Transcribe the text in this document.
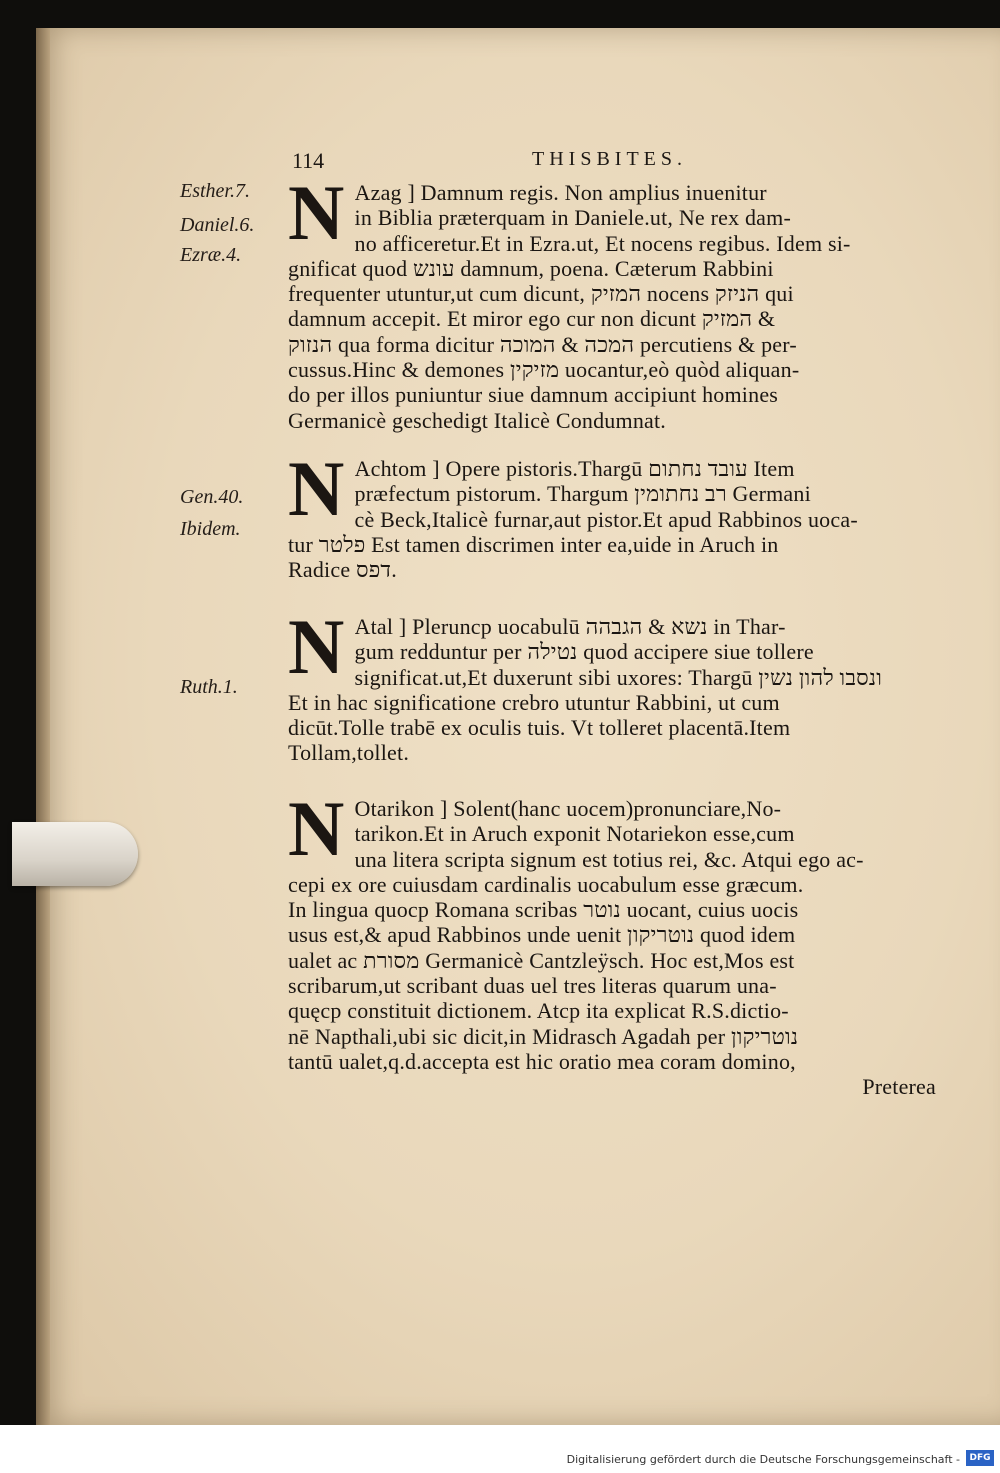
114	THISBITES.
Esther.7.
Daniel.6.
Ezræ.4.
Gen.40.
Ibidem.
Ruth.1.
N Azag ] Damnum regis. Non amplius inuenitur
in Biblia præterquam in Daniele.ut, Ne rex dam-
no afficeretur.Et in Ezra.ut, Et nocens regibus. Idem si-
gnificat quod עונש damnum, poena. Cæterum Rabbini
frequenter utuntur,ut cum dicunt, המזיק nocens הניזק qui
damnum accepit. Et miror ego cur non dicunt המזיק &
הנזוק qua forma dicitur המכה & המוכה percutiens & per-
cussus.Hinc & demones מזיקין uocantur,eò quòd aliquan-
do per illos puniuntur siue damnum accipiunt homines
Germanicè geschedigt Italicè Condumnat.
N Achtom ] Opere pistoris.Thargū עובד נחתום Item
præfectum pistorum. Thargum רב נחתומין Germani
cè Beck,Italicè furnar,aut pistor.Et apud Rabbinos uoca-
tur פלטר Est tamen discrimen inter ea,uide in Aruch in
Radice דפס.
N Atal ] Pleruncp uocabulū נשא & הגבהה in Thar-
gum redduntur per נטילה quod accipere siue tollere
significat.ut,Et duxerunt sibi uxores: Thargū ונסבו להון נשין
Et in hac significatione crebro utuntur Rabbini, ut cum
dicūt.Tolle trabē ex oculis tuis. Vt tolleret placentā.Item
Tollam,tollet.
N Otarikon ] Solent(hanc uocem)pronunciare,No-
tarikon.Et in Aruch exponit Notariekon esse,cum
una litera scripta signum est totius rei, &c. Atqui ego ac-
cepi ex ore cuiusdam cardinalis uocabulum esse græcum.
In lingua quocp Romana scribas נוטר uocant, cuius uocis
usus est,& apud Rabbinos unde uenit נוטריקון quod idem
ualet ac מסורת Germanicè Cantzleÿsch. Hoc est,Mos est
scribarum,ut scribant duas uel tres literas quarum una-
quęcp constituit dictionem. Atcp ita explicat R.S.dictio-
nē Napthali,ubi sic dicit,in Midrasch Agadah per נוטריקון
tantū ualet,q.d.accepta est hic oratio mea coram domino,
Preterea
Digitalisierung gefördert durch die Deutsche Forschungsgemeinschaft -	DFG
